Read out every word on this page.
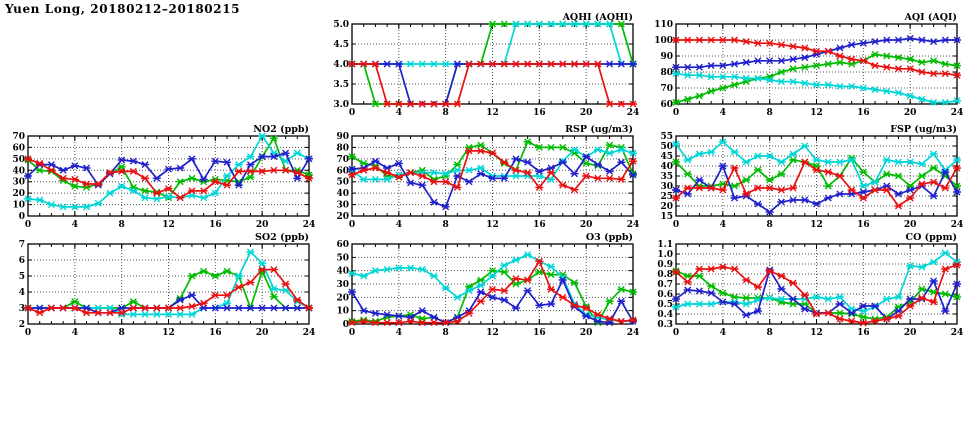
Yuen Long, 20180212–20180215
3.0
3.5
4.0
4.5
5.0
0	4	8	12	16	20	24
AQHI (AQHI)
60
70
80
90
100
110
0	4	8	12	16	20	24
AQI (AQI)
0
10
20
30
40
50
60
70
0	4	8	12	16	20	24
NO2 (ppb)
20
30
40
50
60
70
80
90
0	4	8	12	16	20	24
RSP (ug/m3)
15
20
25
30
35
40
45
50
55
0	4	8	12	16	20	24
FSP (ug/m3)
2
3
4
5
6
7
0	4	8	12	16	20	24
SO2 (ppb)
0
10
20
30
40
50
60
0	4	8	12	16	20	24
O3 (ppb)
0.3
0.4
0.5
0.6
0.7
0.8
0.9
1.0
1.1
0	4	8	12	16	20	24
CO (ppm)
